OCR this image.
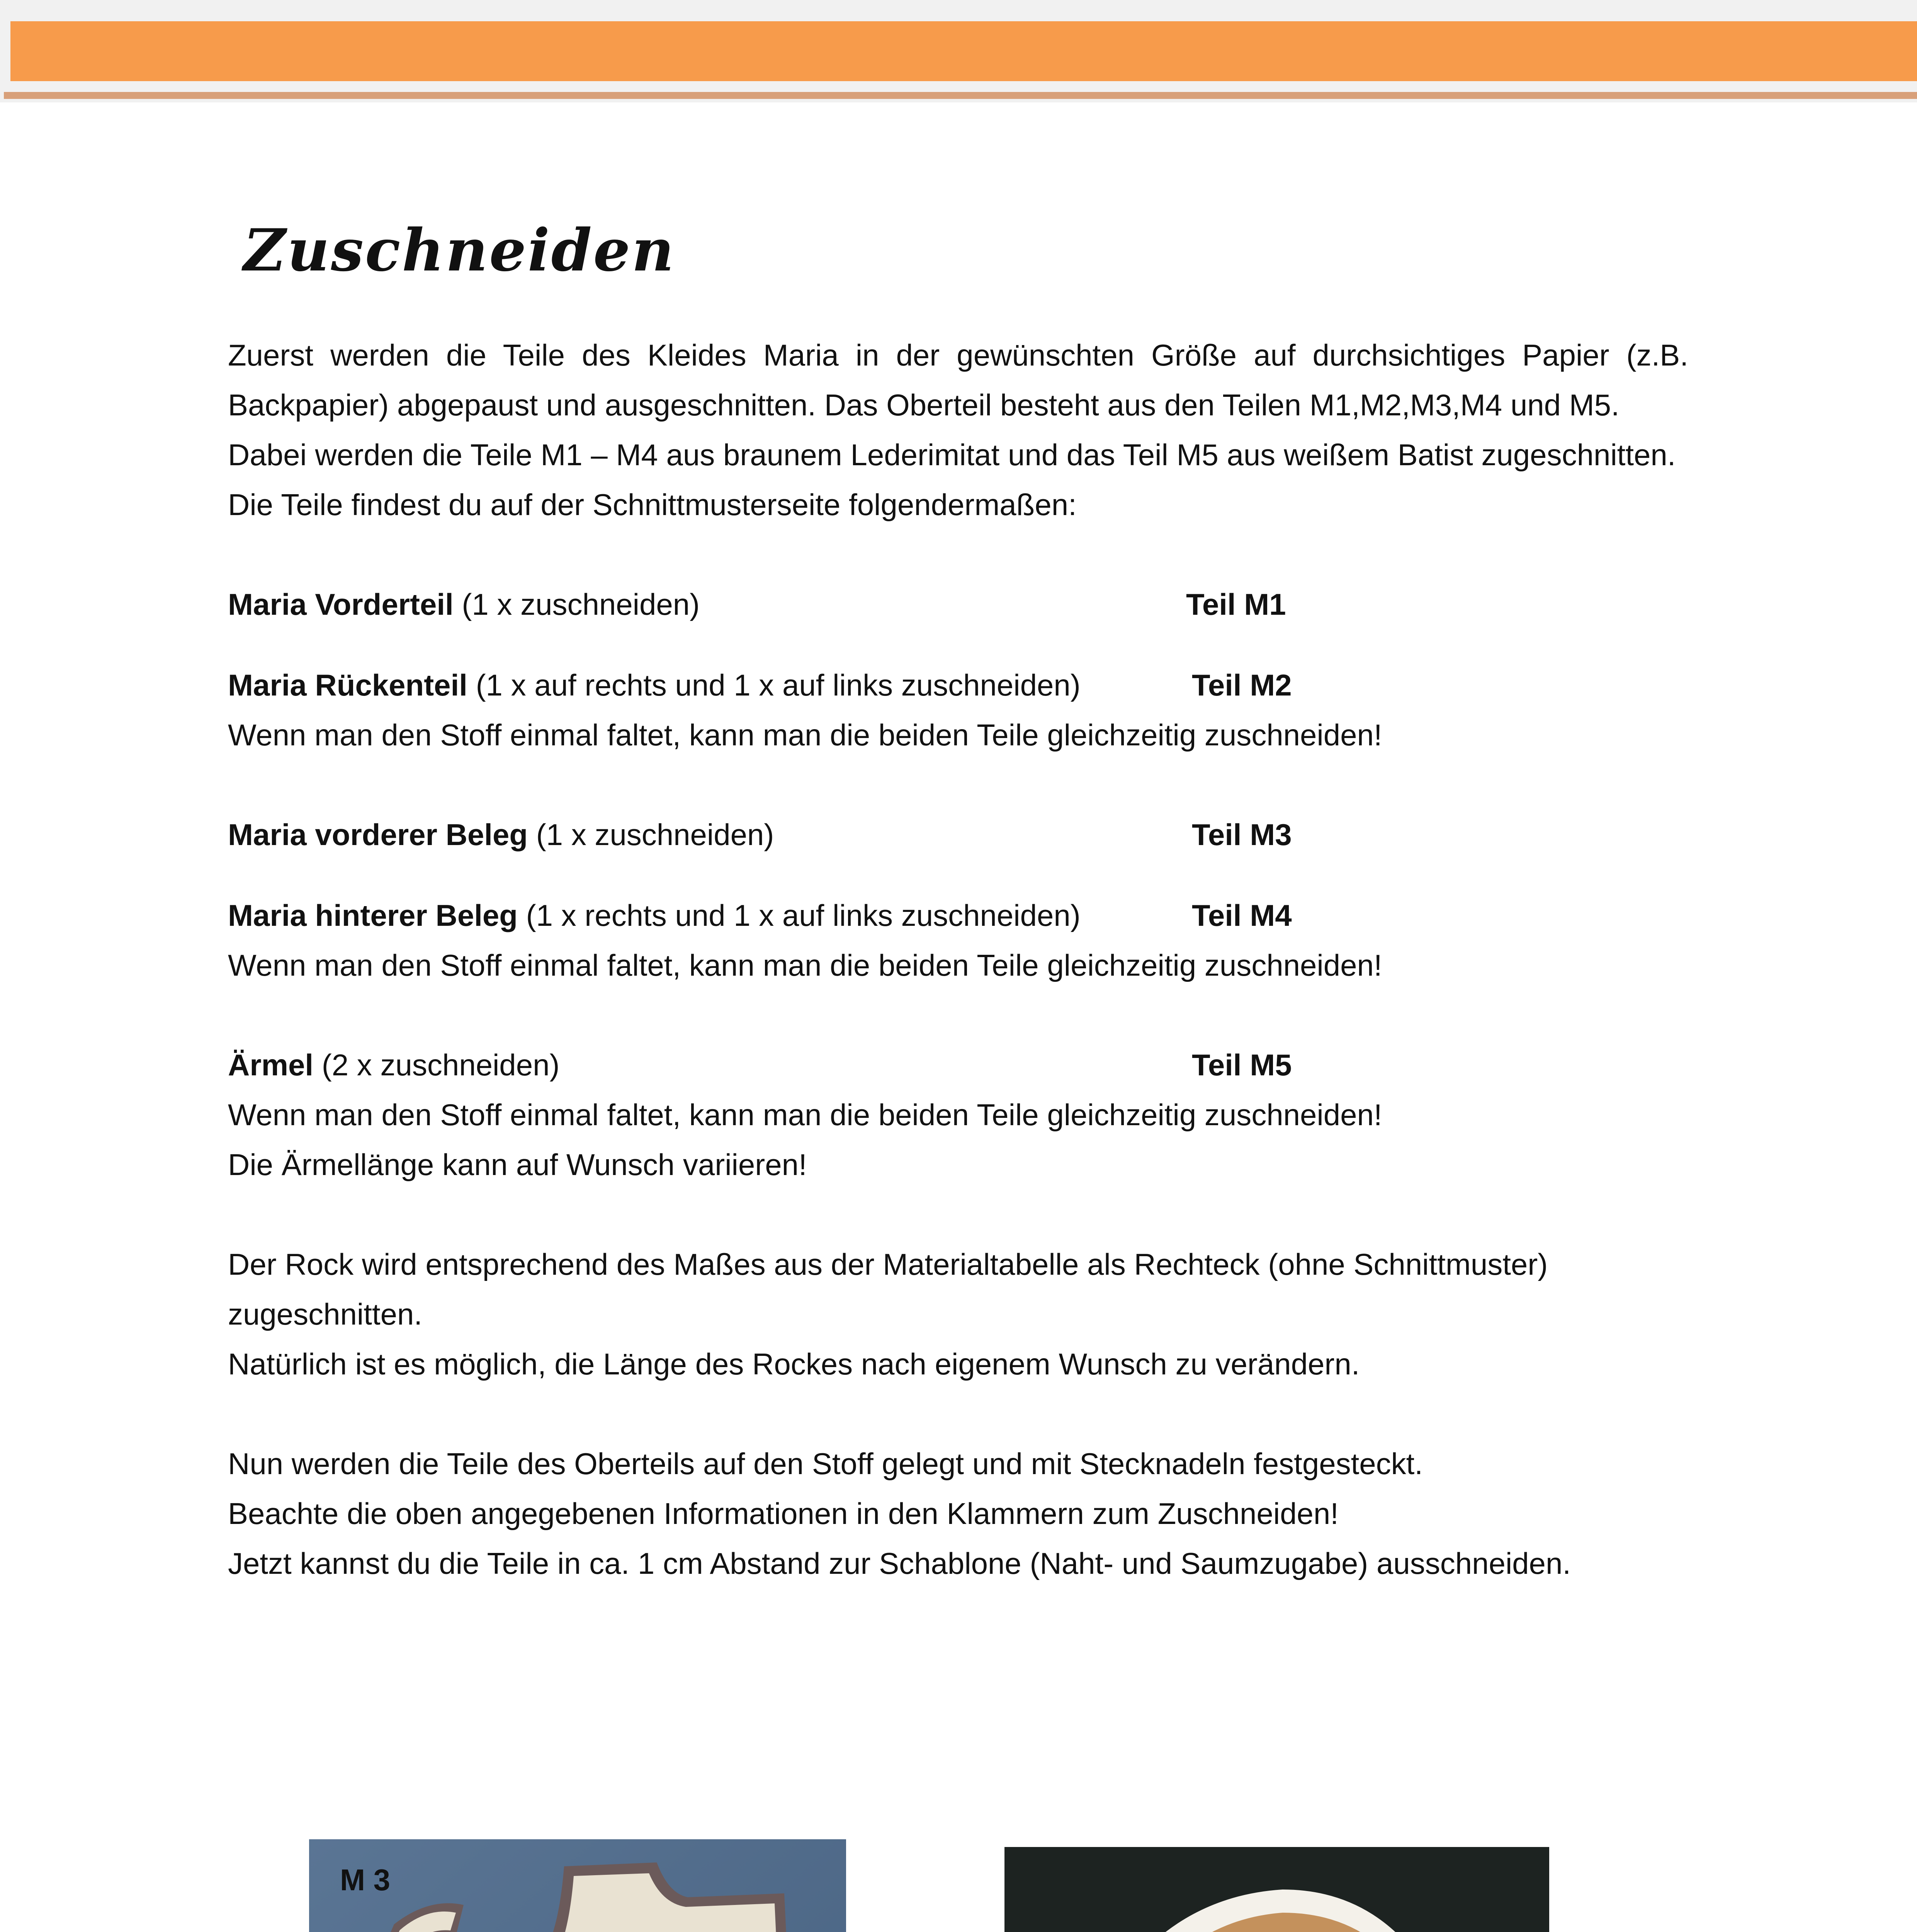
Zuschneiden

Zuerst werden die Teile des Kleides Maria in der gewünschten Größe auf durchsichtiges Papier (z.B. Backpapier) abgepaust und ausgeschnitten. Das Oberteil besteht aus den Teilen M1,M2,M3,M4 und M5.

Dabei werden die Teile M1 – M4 aus braunem Lederimitat und das Teil M5 aus weißem Batist zugeschnitten.

Die Teile findest du auf der Schnittmusterseite folgendermaßen:

Maria Vorderteil (1 x zuschneiden)	Teil M1
Maria Rückenteil (1 x auf rechts und 1 x auf links zuschneiden)	Teil M2

Wenn man den Stoff einmal faltet, kann man die beiden Teile gleichzeitig zuschneiden!

Maria vorderer Beleg (1 x zuschneiden)	Teil M3
Maria hinterer Beleg (1 x rechts und 1 x auf links zuschneiden)	Teil M4

Wenn man den Stoff einmal faltet, kann man die beiden Teile gleichzeitig zuschneiden!

Ärmel (2 x zuschneiden)	Teil M5

Wenn man den Stoff einmal faltet, kann man die beiden Teile gleichzeitig zuschneiden!

Die Ärmellänge kann auf Wunsch variieren!

Der Rock wird entsprechend des Maßes aus der Materialtabelle als Rechteck (ohne Schnittmuster) zugeschnitten.

Natürlich ist es möglich, die Länge des Rockes nach eigenem Wunsch zu verändern.

Nun werden die Teile des Oberteils auf den Stoff gelegt und mit Stecknadeln festgesteckt.

Beachte die oben angegebenen Informationen in den Klammern zum Zuschneiden!

Jetzt kannst du die Teile in ca. 1 cm Abstand zur Schablone (Naht- und Saumzugabe) ausschneiden.

M 3
